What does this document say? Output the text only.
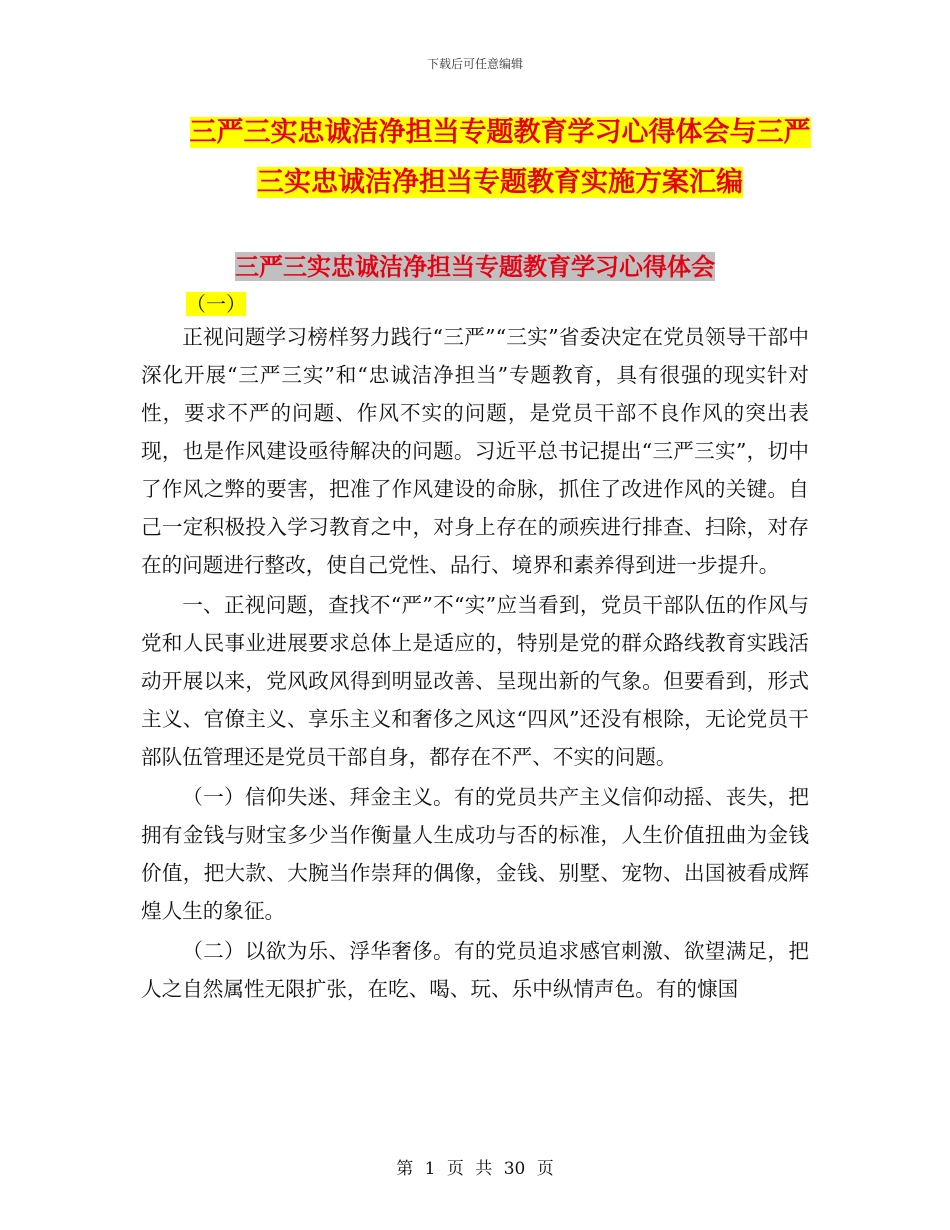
下载后可任意编辑
三严三实忠诚洁净担当专题教育学习心得体会与三严
三实忠诚洁净担当专题教育实施方案汇编
三严三实忠诚洁净担当专题教育学习心得体会
（一）

正视问题学习榜样努力践行“三严”“三实”省委决定在党员领导干部中深化开展“三严三实”和“忠诚洁净担当”专题教育，具有很强的现实针对性，要求不严的问题、作风不实的问题，是党员干部不良作风的突出表现，也是作风建设亟待解决的问题。习近平总书记提出“三严三实”，切中了作风之弊的要害，把准了作风建设的命脉，抓住了改进作风的关键。自己一定积极投入学习教育之中，对身上存在的顽疾进行排查、扫除，对存在的问题进行整改，使自己党性、品行、境界和素养得到进一步提升。

一、正视问题，查找不“严”不“实”应当看到，党员干部队伍的作风与党和人民事业进展要求总体上是适应的，特别是党的群众路线教育实践活动开展以来，党风政风得到明显改善、呈现出新的气象。但要看到，形式主义、官僚主义、享乐主义和奢侈之风这“四风”还没有根除，无论党员干部队伍管理还是党员干部自身，都存在不严、不实的问题。

（一）信仰失迷、拜金主义。有的党员共产主义信仰动摇、丧失，把拥有金钱与财宝多少当作衡量人生成功与否的标准，人生价值扭曲为金钱价值，把大款、大腕当作崇拜的偶像，金钱、别墅、宠物、出国被看成辉煌人生的象征。

（二）以欲为乐、浮华奢侈。有的党员追求感官刺激、欲望满足，把人之自然属性无限扩张，在吃、喝、玩、乐中纵情声色。有的慷国

第 1 页 共 30 页
